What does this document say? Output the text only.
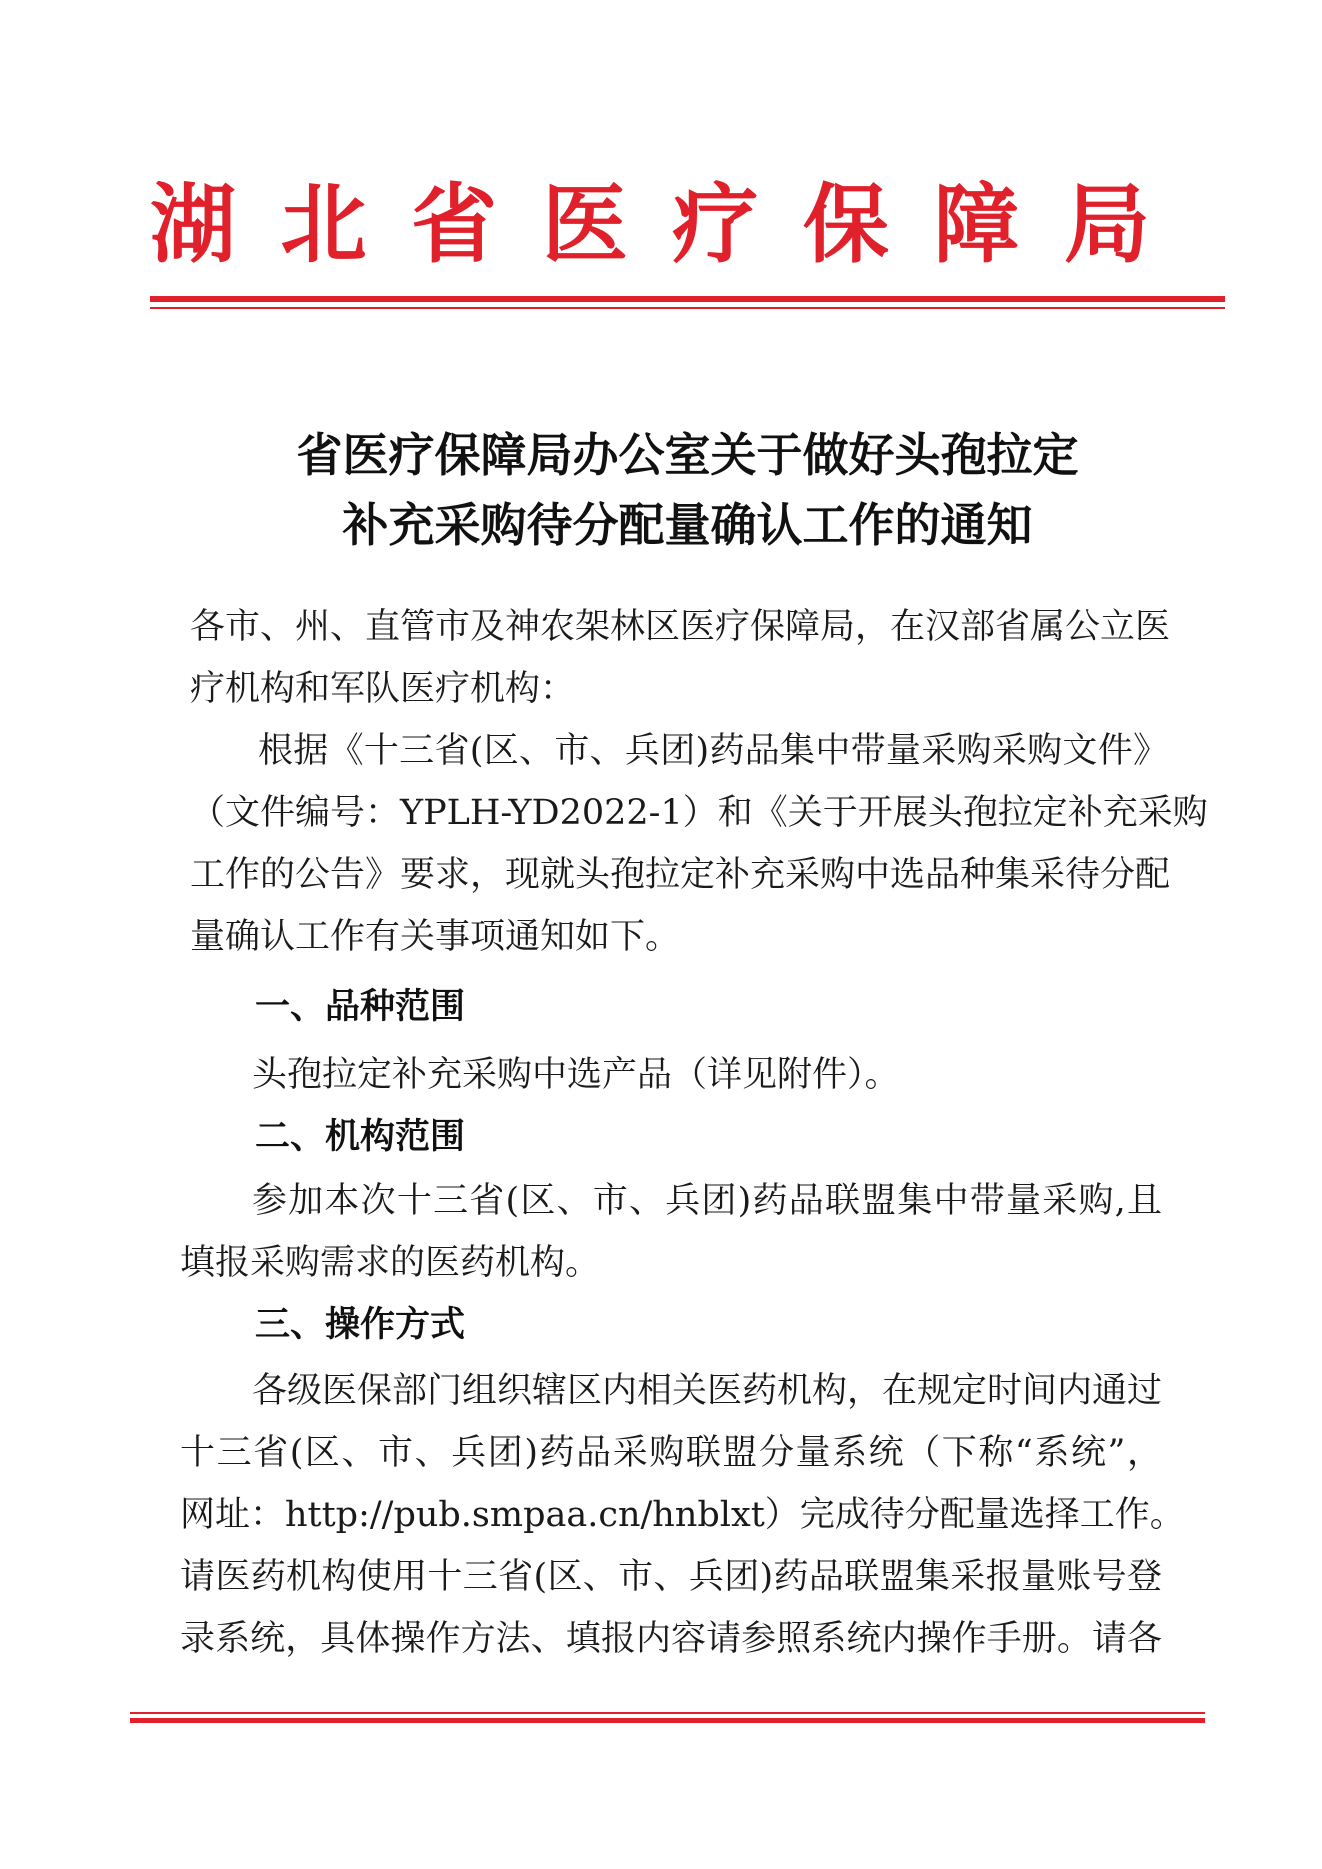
湖 北 省 医 疗 保 障 局
省医疗保障局办公室关于做好头孢拉定
补充采购待分配量确认工作的通知
各市、州、直管市及神农架林区医疗保障局，在汉部省属公立医
疗机构和军队医疗机构：
根据《十三省(区、市、兵团)药品集中带量采购采购文件》
（文件编号：YPLH-YD2022-1）和《关于开展头孢拉定补充采购
工作的公告》要求，现就头孢拉定补充采购中选品种集采待分配
量确认工作有关事项通知如下。
一、品种范围
头孢拉定补充采购中选产品（详见附件）。
二、机构范围
参加本次十三省(区、市、兵团)药品联盟集中带量采购,且
填报采购需求的医药机构。
三、操作方式
各级医保部门组织辖区内相关医药机构，在规定时间内通过
十三省(区、市、兵团)药品采购联盟分量系统（下称“系统”，
网址：http://pub.smpaa.cn/hnblxt）完成待分配量选择工作。
请医药机构使用十三省(区、市、兵团)药品联盟集采报量账号登
录系统，具体操作方法、填报内容请参照系统内操作手册。请各
